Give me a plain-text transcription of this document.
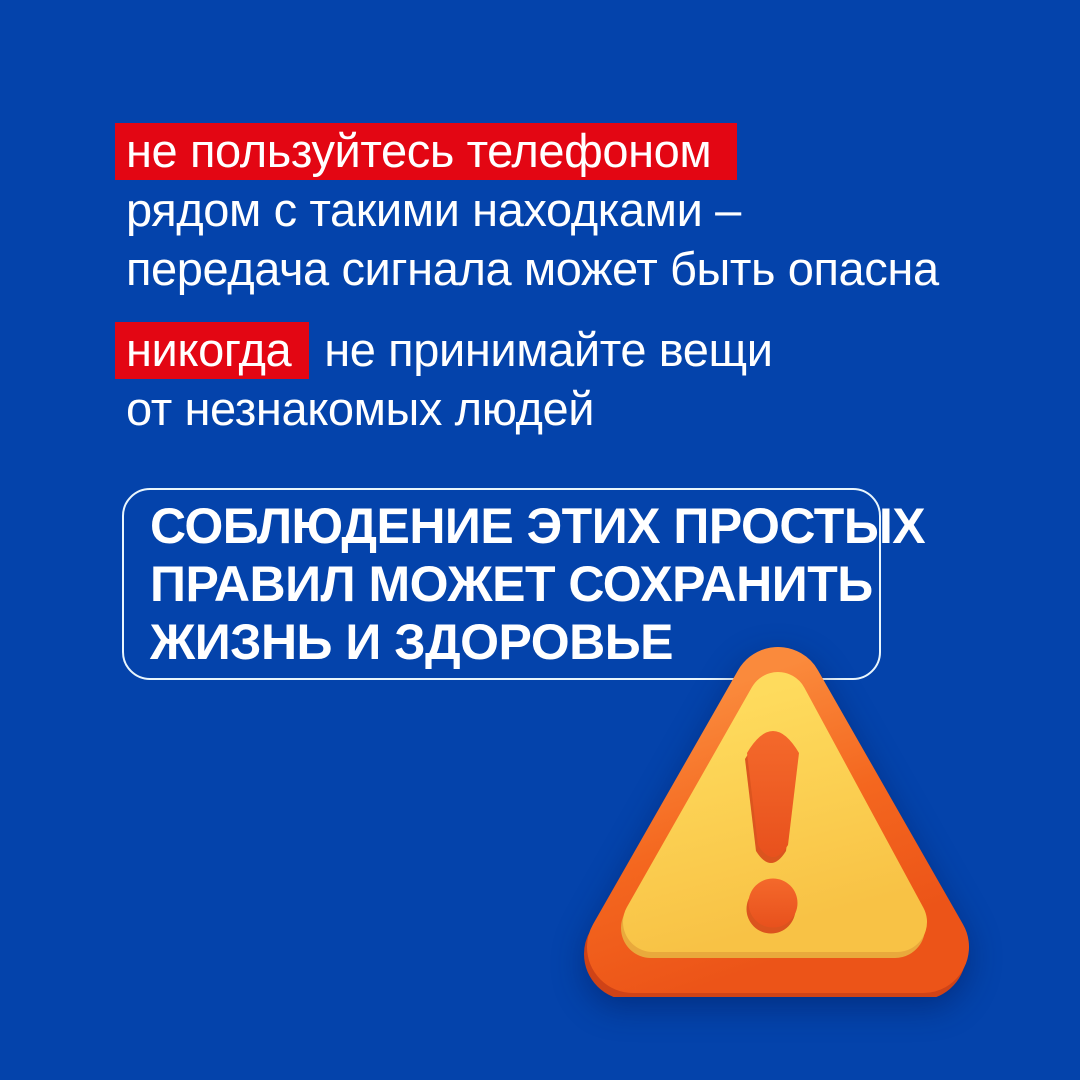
не пользуйтесь телефоном
рядом с такими находками –
передача сигнала может быть опасна
никогда не принимайте вещи
от незнакомых людей
СОБЛЮДЕНИЕ ЭТИХ ПРОСТЫХ
ПРАВИЛ МОЖЕТ СОХРАНИТЬ
ЖИЗНЬ И ЗДОРОВЬЕ
